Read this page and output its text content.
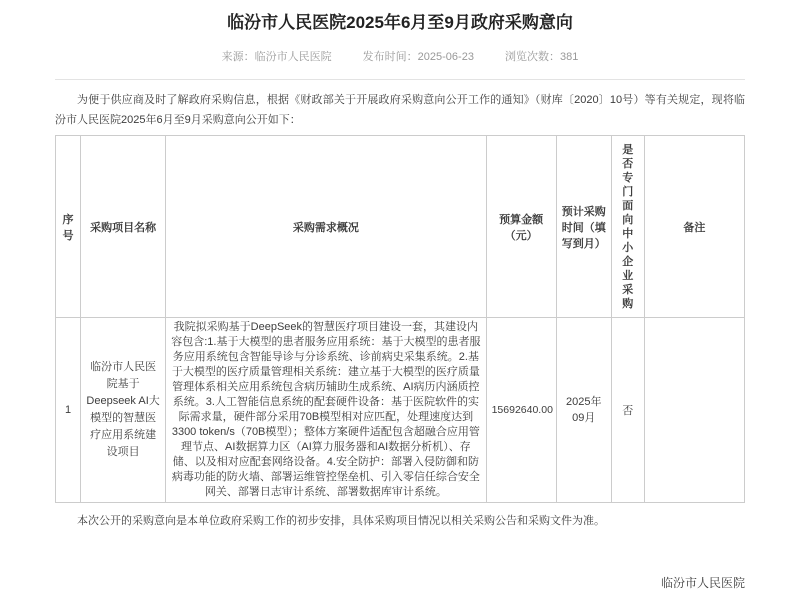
临汾市人民医院2025年6月至9月政府采购意向
来源：临汾市人民医院	发布时间：2025-06-23	浏览次数：381

为便于供应商及时了解政府采购信息，根据《财政部关于开展政府采购意向公开工作的通知》（财库〔2020〕10号）等有关规定，现将临汾市人民医院2025年6月至9月采购意向公开如下：

序号	采购项目名称	采购需求概况	预算金额（元）	预计采购时间（填写到月）	是否专门面向中小企业采购	备注
1	临汾市人民医院基于Deepseek AI大模型的智慧医疗应用系统建设项目	我院拟采购基于DeepSeek的智慧医疗项目建设一套，其建设内容包含:1.基于大模型的患者服务应用系统：基于大模型的患者服务应用系统包含智能导诊与分诊系统、诊前病史采集系统。2.基于大模型的医疗质量管理相关系统：建立基于大模型的医疗质量管理体系相关应用系统包含病历辅助生成系统、AI病历内涵质控系统。3.人工智能信息系统的配套硬件设备：基于医院软件的实际需求量，硬件部分采用70B模型相对应匹配，处理速度达到3300 token/s（70B模型）；整体方案硬件适配包含超融合应用管理节点、AI数据算力区（AI算力服务器和AI数据分析机）、存储、以及相对应配套网络设备。4.安全防护：部署入侵防御和防病毒功能的防火墙、部署运维管控堡垒机、引入零信任综合安全网关、部署日志审计系统、部署数据库审计系统。	15692640.00	2025年09月	否	

本次公开的采购意向是本单位政府采购工作的初步安排，具体采购项目情况以相关采购公告和采购文件为准。

临汾市人民医院
